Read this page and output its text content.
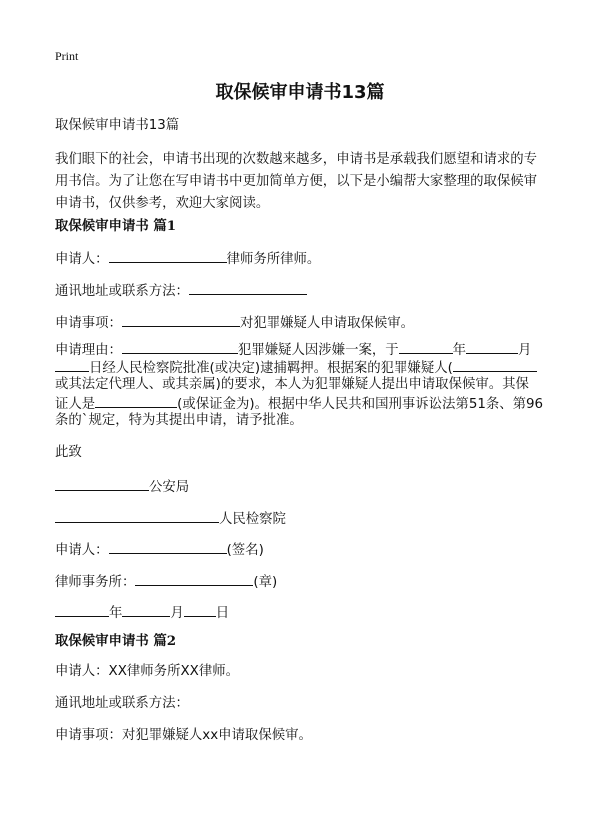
Print
取保候审申请书13篇
取保候审申请书13篇
我们眼下的社会，申请书出现的次数越来越多，申请书是承载我们愿望和请求的专
用书信。为了让您在写申请书中更加简单方便，以下是小编帮大家整理的取保候审
申请书，仅供参考，欢迎大家阅读。
取保候审申请书 篇1
申请人：	律师务所律师。
通讯地址或联系方法：
申请事项：	对犯罪嫌疑人申请取保候审。
申请理由：	犯罪嫌疑人因涉嫌一案，于	年	月
日经人民检察院批准(或决定)逮捕羁押。根据案的犯罪嫌疑人(
或其法定代理人、或其亲属)的要求，本人为犯罪嫌疑人提出申请取保候审。其保
证人是	(或保证金为)。根据中华人民共和国刑事诉讼法第51条、第96
条的`规定，特为其提出申请，请予批准。
此致
公安局
人民检察院
申请人：	(签名)
律师事务所：	(章)
年	月 日
取保候审申请书 篇2
申请人：XX律师务所XX律师。
通讯地址或联系方法：
申请事项：对犯罪嫌疑人xx申请取保候审。
